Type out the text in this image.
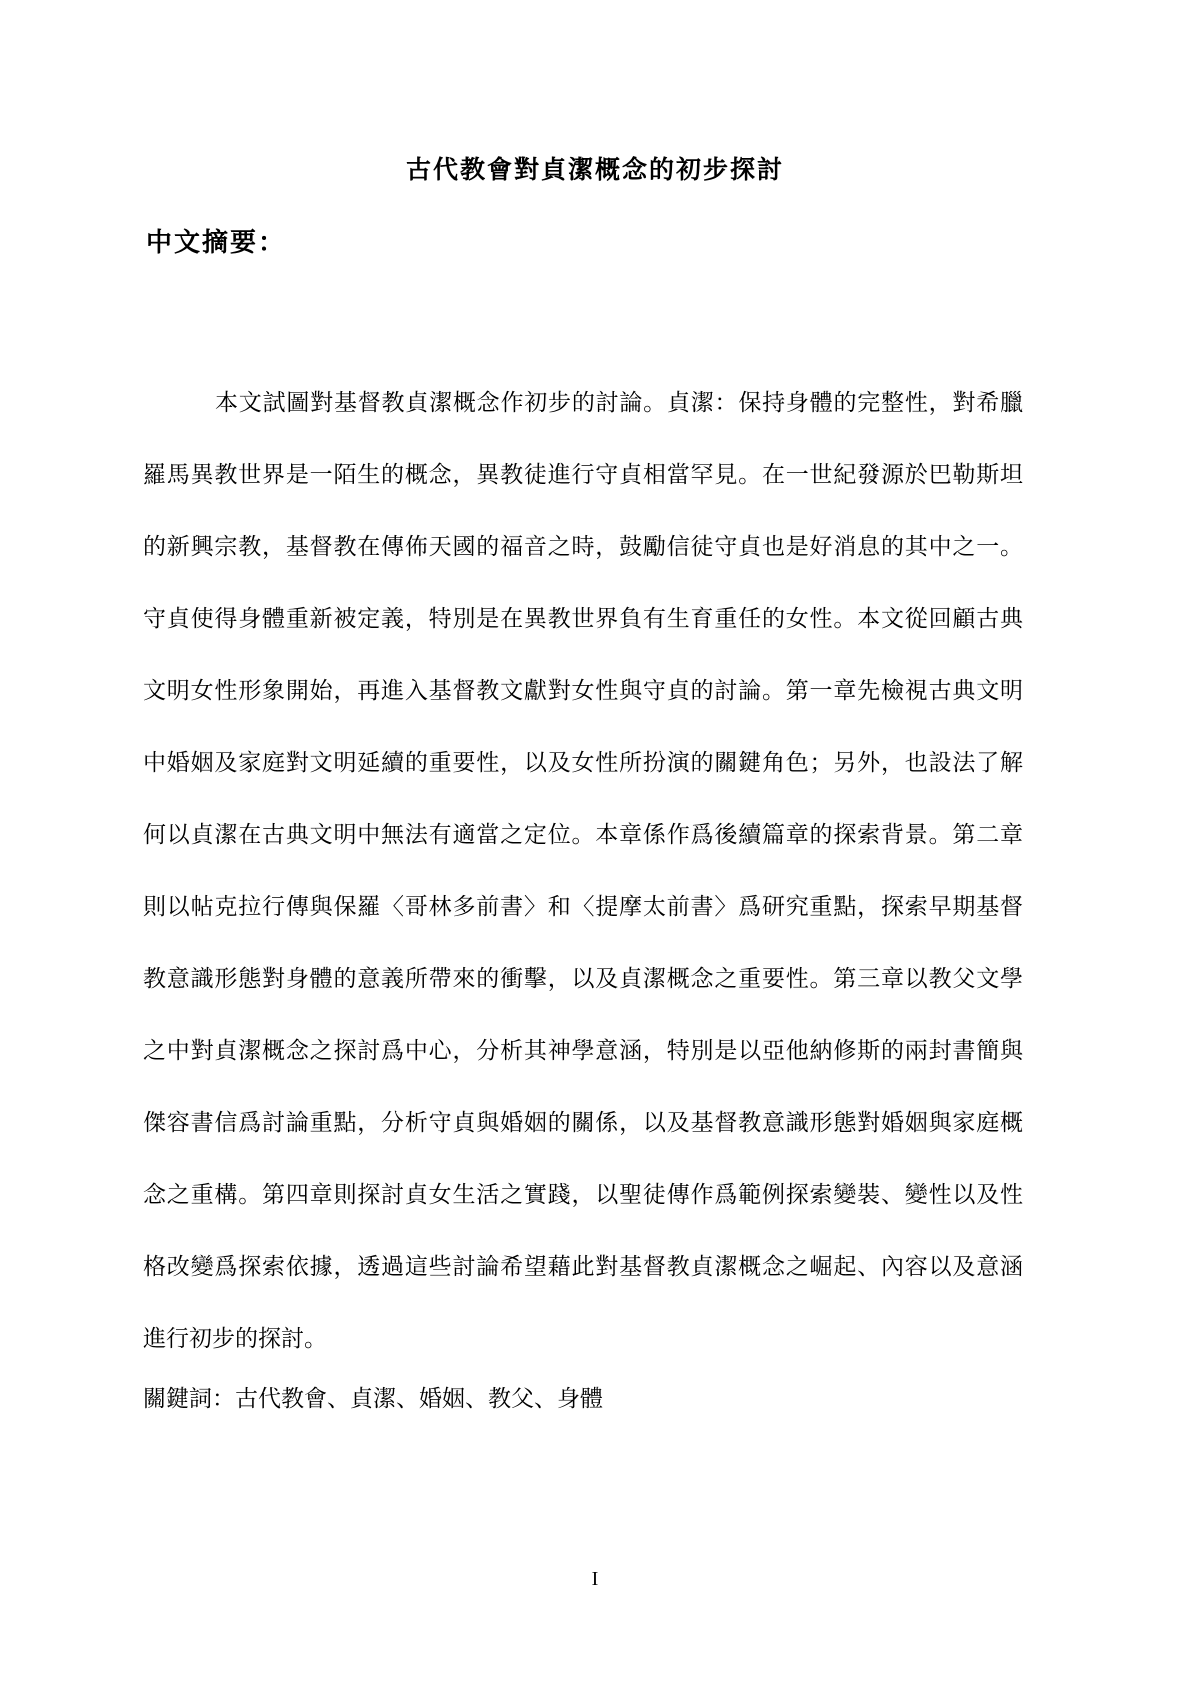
古代教會對貞潔概念的初步探討
中文摘要：
本文試圖對基督教貞潔概念作初步的討論。貞潔：保持身體的完整性，對希臘
羅馬異教世界是一陌生的概念，異教徒進行守貞相當罕見。在一世紀發源於巴勒斯坦
的新興宗教，基督教在傳佈天國的福音之時，鼓勵信徒守貞也是好消息的其中之一。
守貞使得身體重新被定義，特別是在異教世界負有生育重任的女性。本文從回顧古典
文明女性形象開始，再進入基督教文獻對女性與守貞的討論。第一章先檢視古典文明
中婚姻及家庭對文明延續的重要性，以及女性所扮演的關鍵角色；另外，也設法了解
何以貞潔在古典文明中無法有適當之定位。本章係作爲後續篇章的探索背景。第二章
則以帖克拉行傳與保羅〈哥林多前書〉和〈提摩太前書〉爲研究重點，探索早期基督
教意識形態對身體的意義所帶來的衝擊，以及貞潔概念之重要性。第三章以教父文學
之中對貞潔概念之探討爲中心，分析其神學意涵，特別是以亞他納修斯的兩封書簡與
傑容書信爲討論重點，分析守貞與婚姻的關係，以及基督教意識形態對婚姻與家庭概
念之重構。第四章則探討貞女生活之實踐，以聖徒傳作爲範例探索變裝、變性以及性
格改變爲探索依據，透過這些討論希望藉此對基督教貞潔概念之崛起、內容以及意涵
進行初步的探討。

關鍵詞：古代教會、貞潔、婚姻、教父、身體

I
